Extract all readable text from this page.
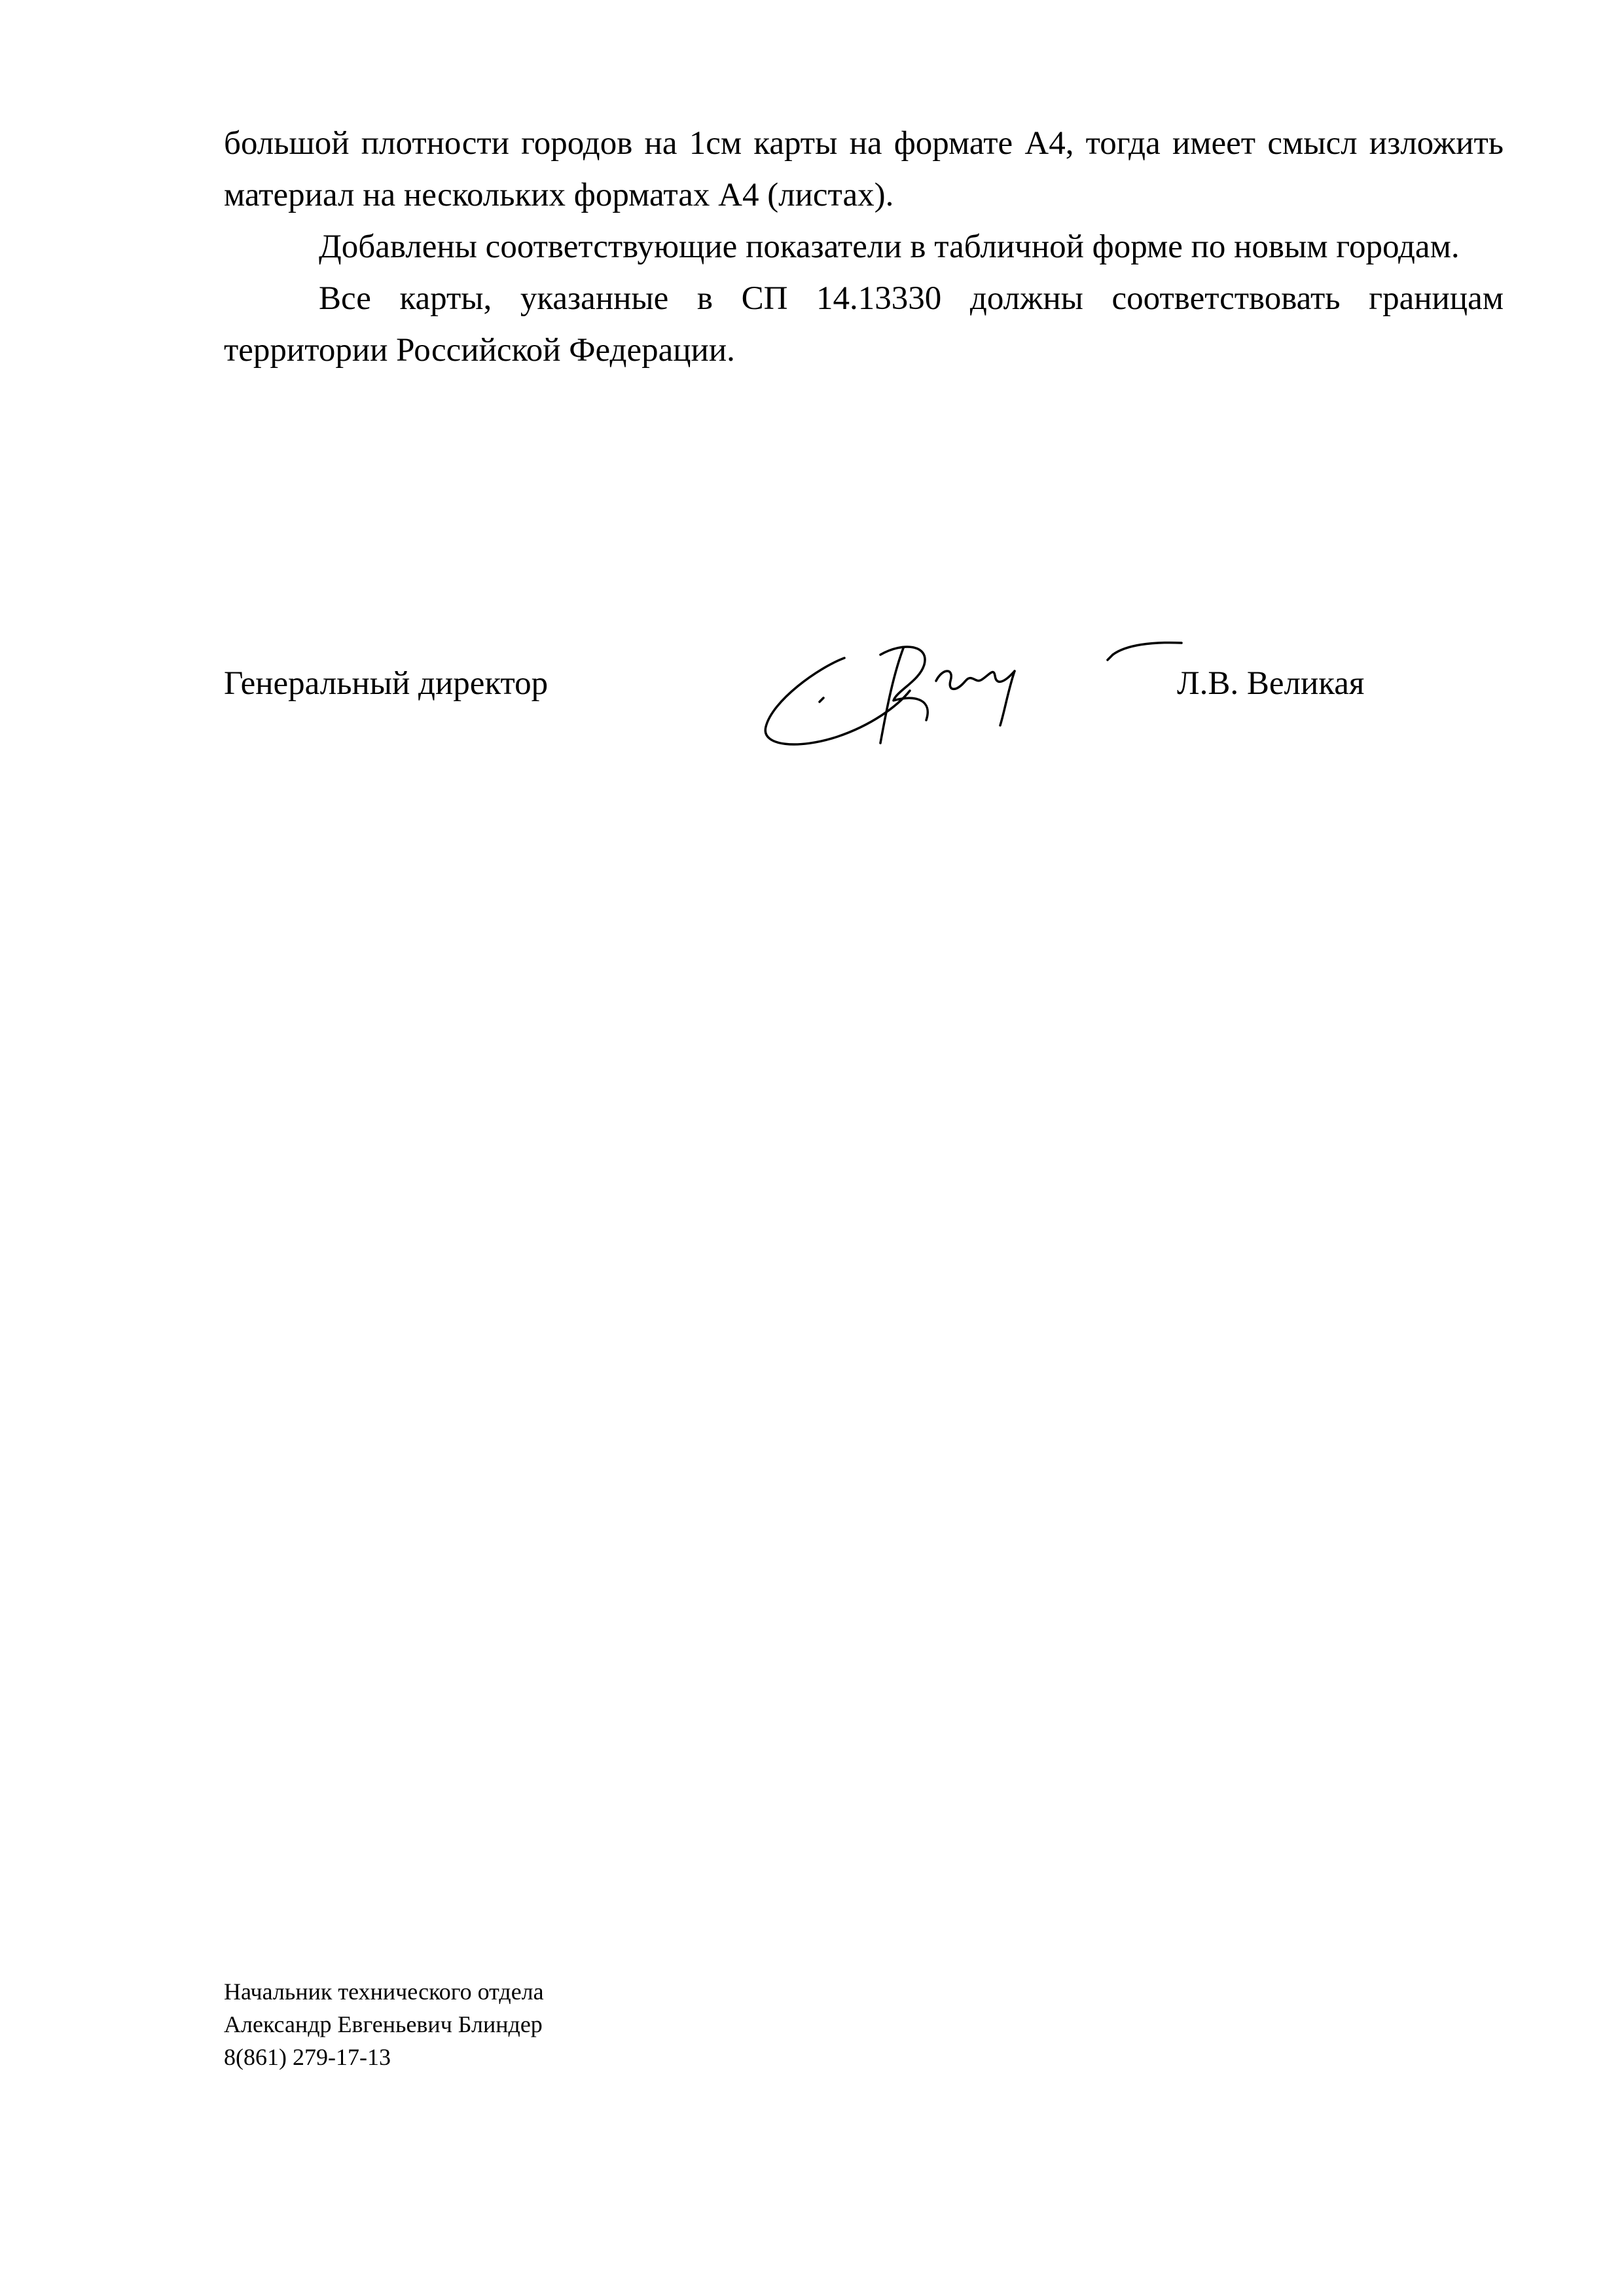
большой плотности городов на 1см карты на формате А4, тогда имеет смысл изложить материал на нескольких форматах А4 (листах).

Добавлены соответствующие показатели в табличной форме по новым городам.

Все карты, указанные в СП 14.13330 должны соответствовать границам территории Российской Федерации.

Генеральный директор	Л.В. Великая
Начальник технического отдела
Александр Евгеньевич Блиндер
8(861) 279-17-13
